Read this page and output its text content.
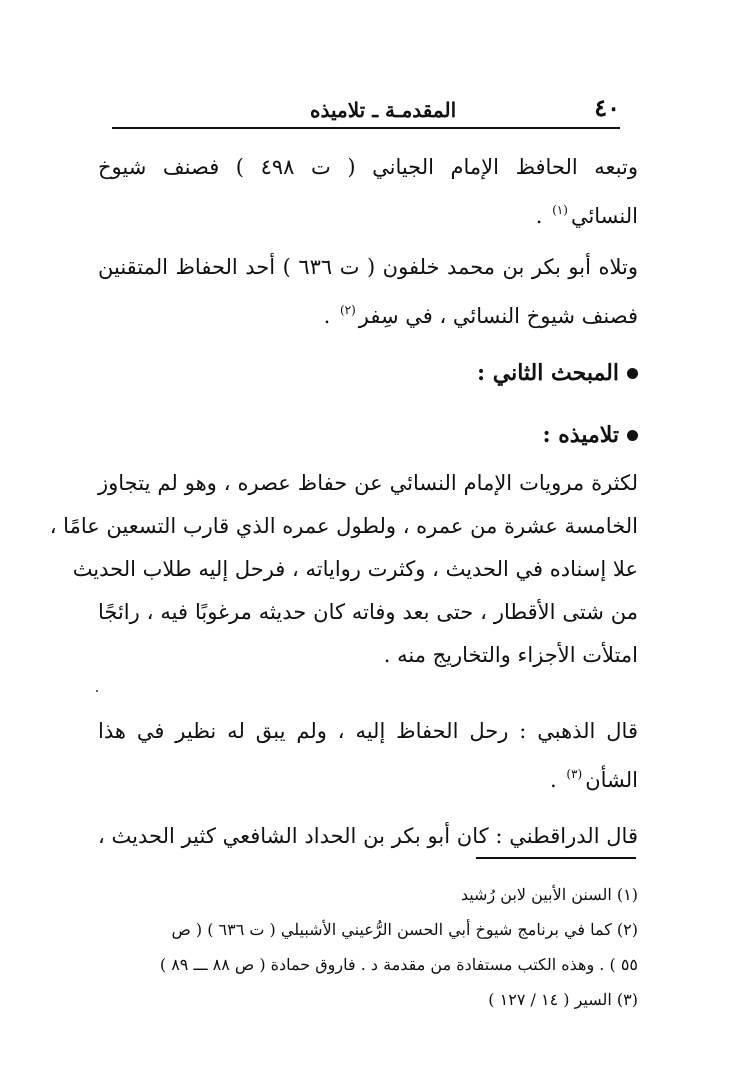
٤٠
المقدمـة ـ تلاميذه
وتبعه الحافظ الإمام الجياني ( ت ٤٩٨ ) فصنف شيوخ
النسائي$^{(١)}$ .
وتلاه أبو بكر بن محمد خلفون ( ت ٦٣٦ ) أحد الحفاظ المتقنين
فصنف شيوخ النسائي ، في سِفر$^{(٢)}$ .
المبحث الثاني :
تلاميذه :
لكثرة مرويات الإمام النسائي عن حفاظ عصره ، وهو لم يتجاوز
الخامسة عشرة من عمره ، ولطول عمره الذي قارب التسعين عامًا ،
علا إسناده في الحديث ، وكثرت رواياته ، فرحل إليه طلاب الحديث
من شتى الأقطار ، حتى بعد وفاته كان حديثه مرغوبًا فيه ، رائجًا
امتلأت الأجزاء والتخاريج منه .
قال الذهبي : رحل الحفاظ إليه ، ولم يبق له نظير في هذا
الشأن$^{(٣)}$ .
قال الدراقطني : كان أبو بكر بن الحداد الشافعي كثير الحديث ،
(١) السنن الأبين لابن رُشيد
(٢) كما في برنامج شيوخ أبي الحسن الرُّعيني الأشبيلي ( ت ٦٣٦ ) ( ص
٥٥ ) . وهذه الكتب مستفادة من مقدمة د . فاروق حمادة ( ص ٨٨ ـــ ٨٩ )
(٣) السير ( ١٤ / ١٢٧ )
